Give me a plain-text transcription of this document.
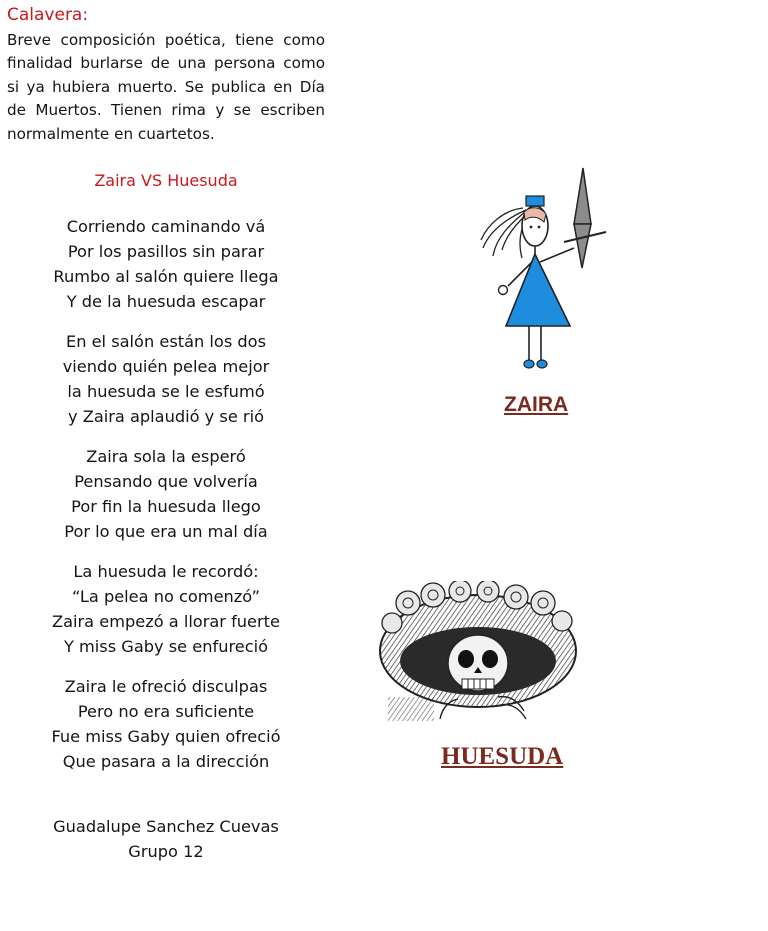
Calavera:
Breve composición poética, tiene como finalidad burlarse de una persona como si ya hubiera muerto. Se publica en Día de Muertos. Tienen rima y se escriben normalmente en cuartetos.
Zaira VS Huesuda
Corriendo caminando vá
Por los pasillos sin parar
Rumbo al salón quiere llega
Y de la huesuda escapar
En el salón están los dos
viendo quién pelea mejor
la huesuda se le esfumó
y Zaira aplaudió y se rió
Zaira sola la esperó
Pensando que volvería
Por fin la huesuda llego
Por lo que era un mal día
La huesuda le recordó:
“La pelea no comenzó”
Zaira empezó a llorar fuerte
Y miss Gaby se enfureció
Zaira le ofreció disculpas
Pero no era suficiente
Fue miss Gaby quien ofreció
Que pasara a la dirección
Guadalupe Sanchez Cuevas
Grupo 12
ZAIRA
HUESUDA
